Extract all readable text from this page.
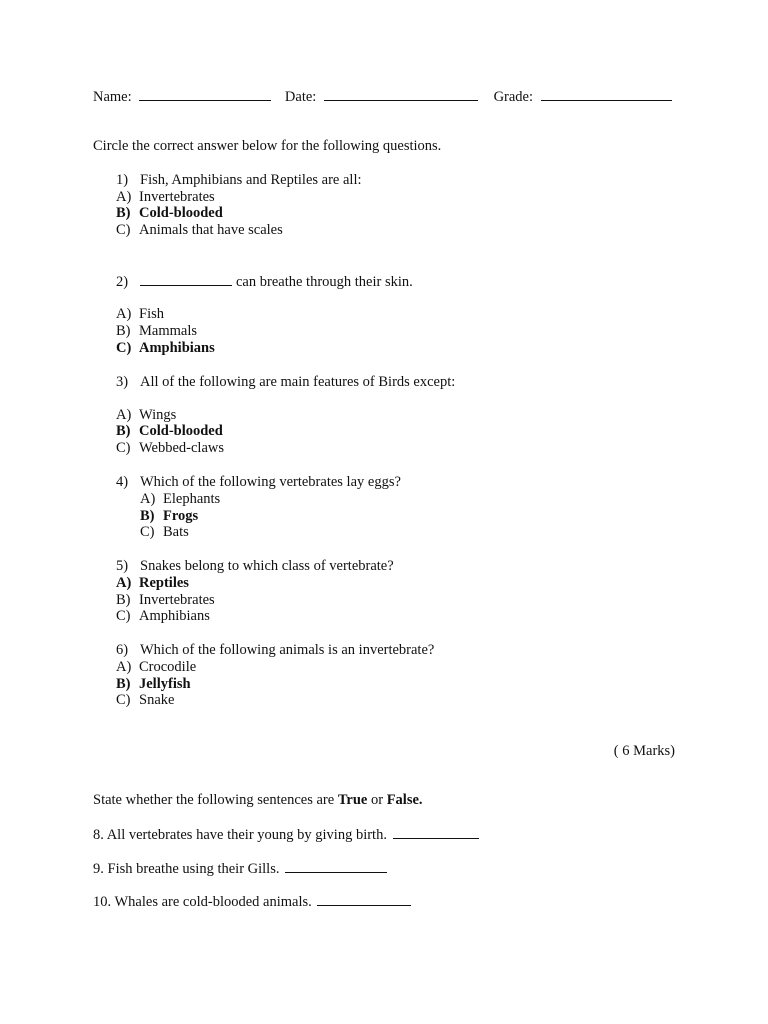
Name:	Date:	Grade:
Circle the correct answer below for the following questions.
1) Fish, Amphibians and Reptiles are all:
A) Invertebrates
B) Cold-blooded
C) Animals that have scales
2)	can breathe through their skin.
A) Fish
B) Mammals
C) Amphibians
3) All of the following are main features of Birds except:
A) Wings
B) Cold-blooded
C) Webbed-claws
4) Which of the following vertebrates lay eggs?
A) Elephants
B) Frogs
C) Bats
5) Snakes belong to which class of vertebrate?
A) Reptiles
B) Invertebrates
C) Amphibians
6) Which of the following animals is an invertebrate?
A) Crocodile
B) Jellyfish
C) Snake
( 6 Marks)
State whether the following sentences are True or False.
8. All vertebrates have their young by giving birth.
9. Fish breathe using their Gills.
10. Whales are cold-blooded animals.
